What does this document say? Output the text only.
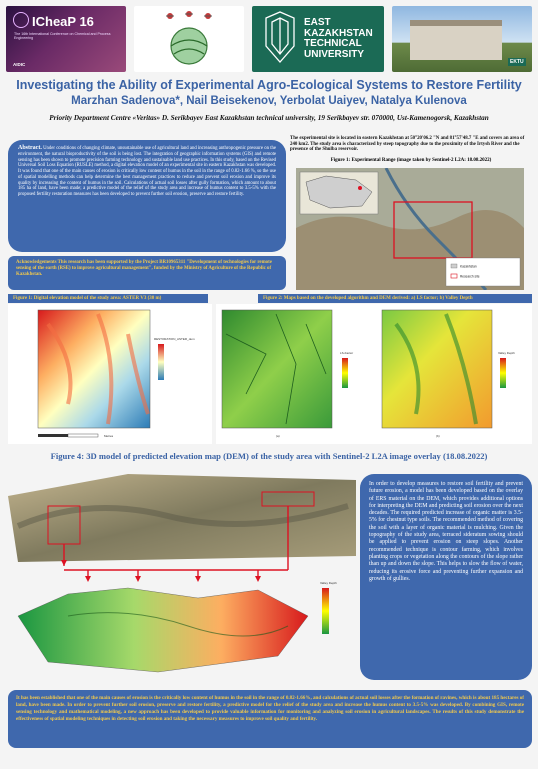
ICheaP 16
The 16th International Conference on Chemical and Process Engineering
AIDIC
EAST
KAZAKHSTAN
TECHNICAL
UNIVERSITY
EKTU
Investigating the Ability of Experimental Agro-Ecological Systems to Restore Fertility
Marzhan Sadenova*, Nail Beisekenov, Yerbolat Uaiyev, Natalya Kulenova
Priority Department Centre «Veritas» D. Serikbayev East Kazakhstan technical university, 19 Serikbayev str. 070000, Ust-Kamenogorsk, Kazakhstan
Abstract. Under conditions of changing climate, unsustainable use of agricultural land and increasing anthropogenic pressure on the environment, the natural bioproductivity of the soil is being lost. The integration of geographic information systems (GIS) and remote sensing has been shown to promote precision farming technology and sustainable land use practices. In this study, based on the Revised Universal Soil Loss Equation (RUSLE) method, a digital elevation model of an experimental site in eastern Kazakhstan was developed. It was found that one of the main causes of erosion is critically low content of humus in the soil in the range of 0.82-1.66 %, so the use of spatial modelling methods can help determine the best management practices to reduce and prevent soil erosion and improve its quality by increasing the content of humus in the soil. Calculations of actual soil losses after gully formation, which amount to about 185 ha of land, have been made; a predictive model of the relief of the study area and increase of humus content to 3.5-5% with the proposed fertility restoration measures has been developed to prevent further soil erosion, preserve and restore fertility.
Acknowledgements This research has been supported by the Project BR10965311 "Development of technologies for remote sensing of the earth (RSE) to improve agricultural management", funded by the Ministry of Agriculture of the Republic of Kazakhstan.
The experimental site is located in eastern Kazakhstan at 50°20'06.2 "N and 81°57'48.7 "E and covers an area of 240 km2. The study area is characterized by steep topography due to the proximity of the Irtysh River and the presence of the Shulba reservoir.
Figure 1: Experimental Range (image taken by Sentinel-2 L2A: 18.08.2022)
Kazakhstan
Research site
Figure 1: Digital elevation model of the study area: ASTER V3 (30 m)	Figure 2: Maps based on the developed algorithm and DEM derived: a) LS factor; b) Valley Depth
RESTORATION_ASTER_dem
Metres
LS-Factor
(a)
Valley Depth
(b)
Figure 4: 3D model of predicted elevation map (DEM) of the study area with Sentinel-2 L2A image overlay (18.08.2022)
Valley Depth
In order to develop measures to restore soil fertility and prevent future erosion, a model has been developed based on the overlay of ERS material on the DEM, which provides additional options for interpreting the DEM and predicting soil erosion over the next decades. The required predicted increase of organic matter is 3.5-5% for chestnut type soils. The recommended method of covering the soil with a layer of organic material is mulching. Given the topography of the study area, terraced sideratum sowing should be applied to prevent erosion on steep slopes. Another recommended technique is contour farming, which involves planting crops or vegetation along the contours of the slope rather than up and down the slope. This helps to slow the flow of water, reducing its erosive force and preventing further expansion and growth of gullies.
It has been established that one of the main causes of erosion is the critically low content of humus in the soil in the range of 0.82-1.66%, and calculations of actual soil losses after the formation of ravines, which is about 185 hectares of land, have been made. In order to prevent further soil erosion, preserve and restore fertility, a predictive model for the relief of the study area and increase the humus content to 3.5-5% was developed. By combining GIS, remote sensing technology and mathematical modeling, a new approach has been developed to provide valuable information for monitoring and analyzing soil erosion in agricultural landscapes. The results of this study demonstrate the effectiveness of spatial modeling techniques in detecting soil erosion and taking the necessary measures to improve soil quality and fertility.
